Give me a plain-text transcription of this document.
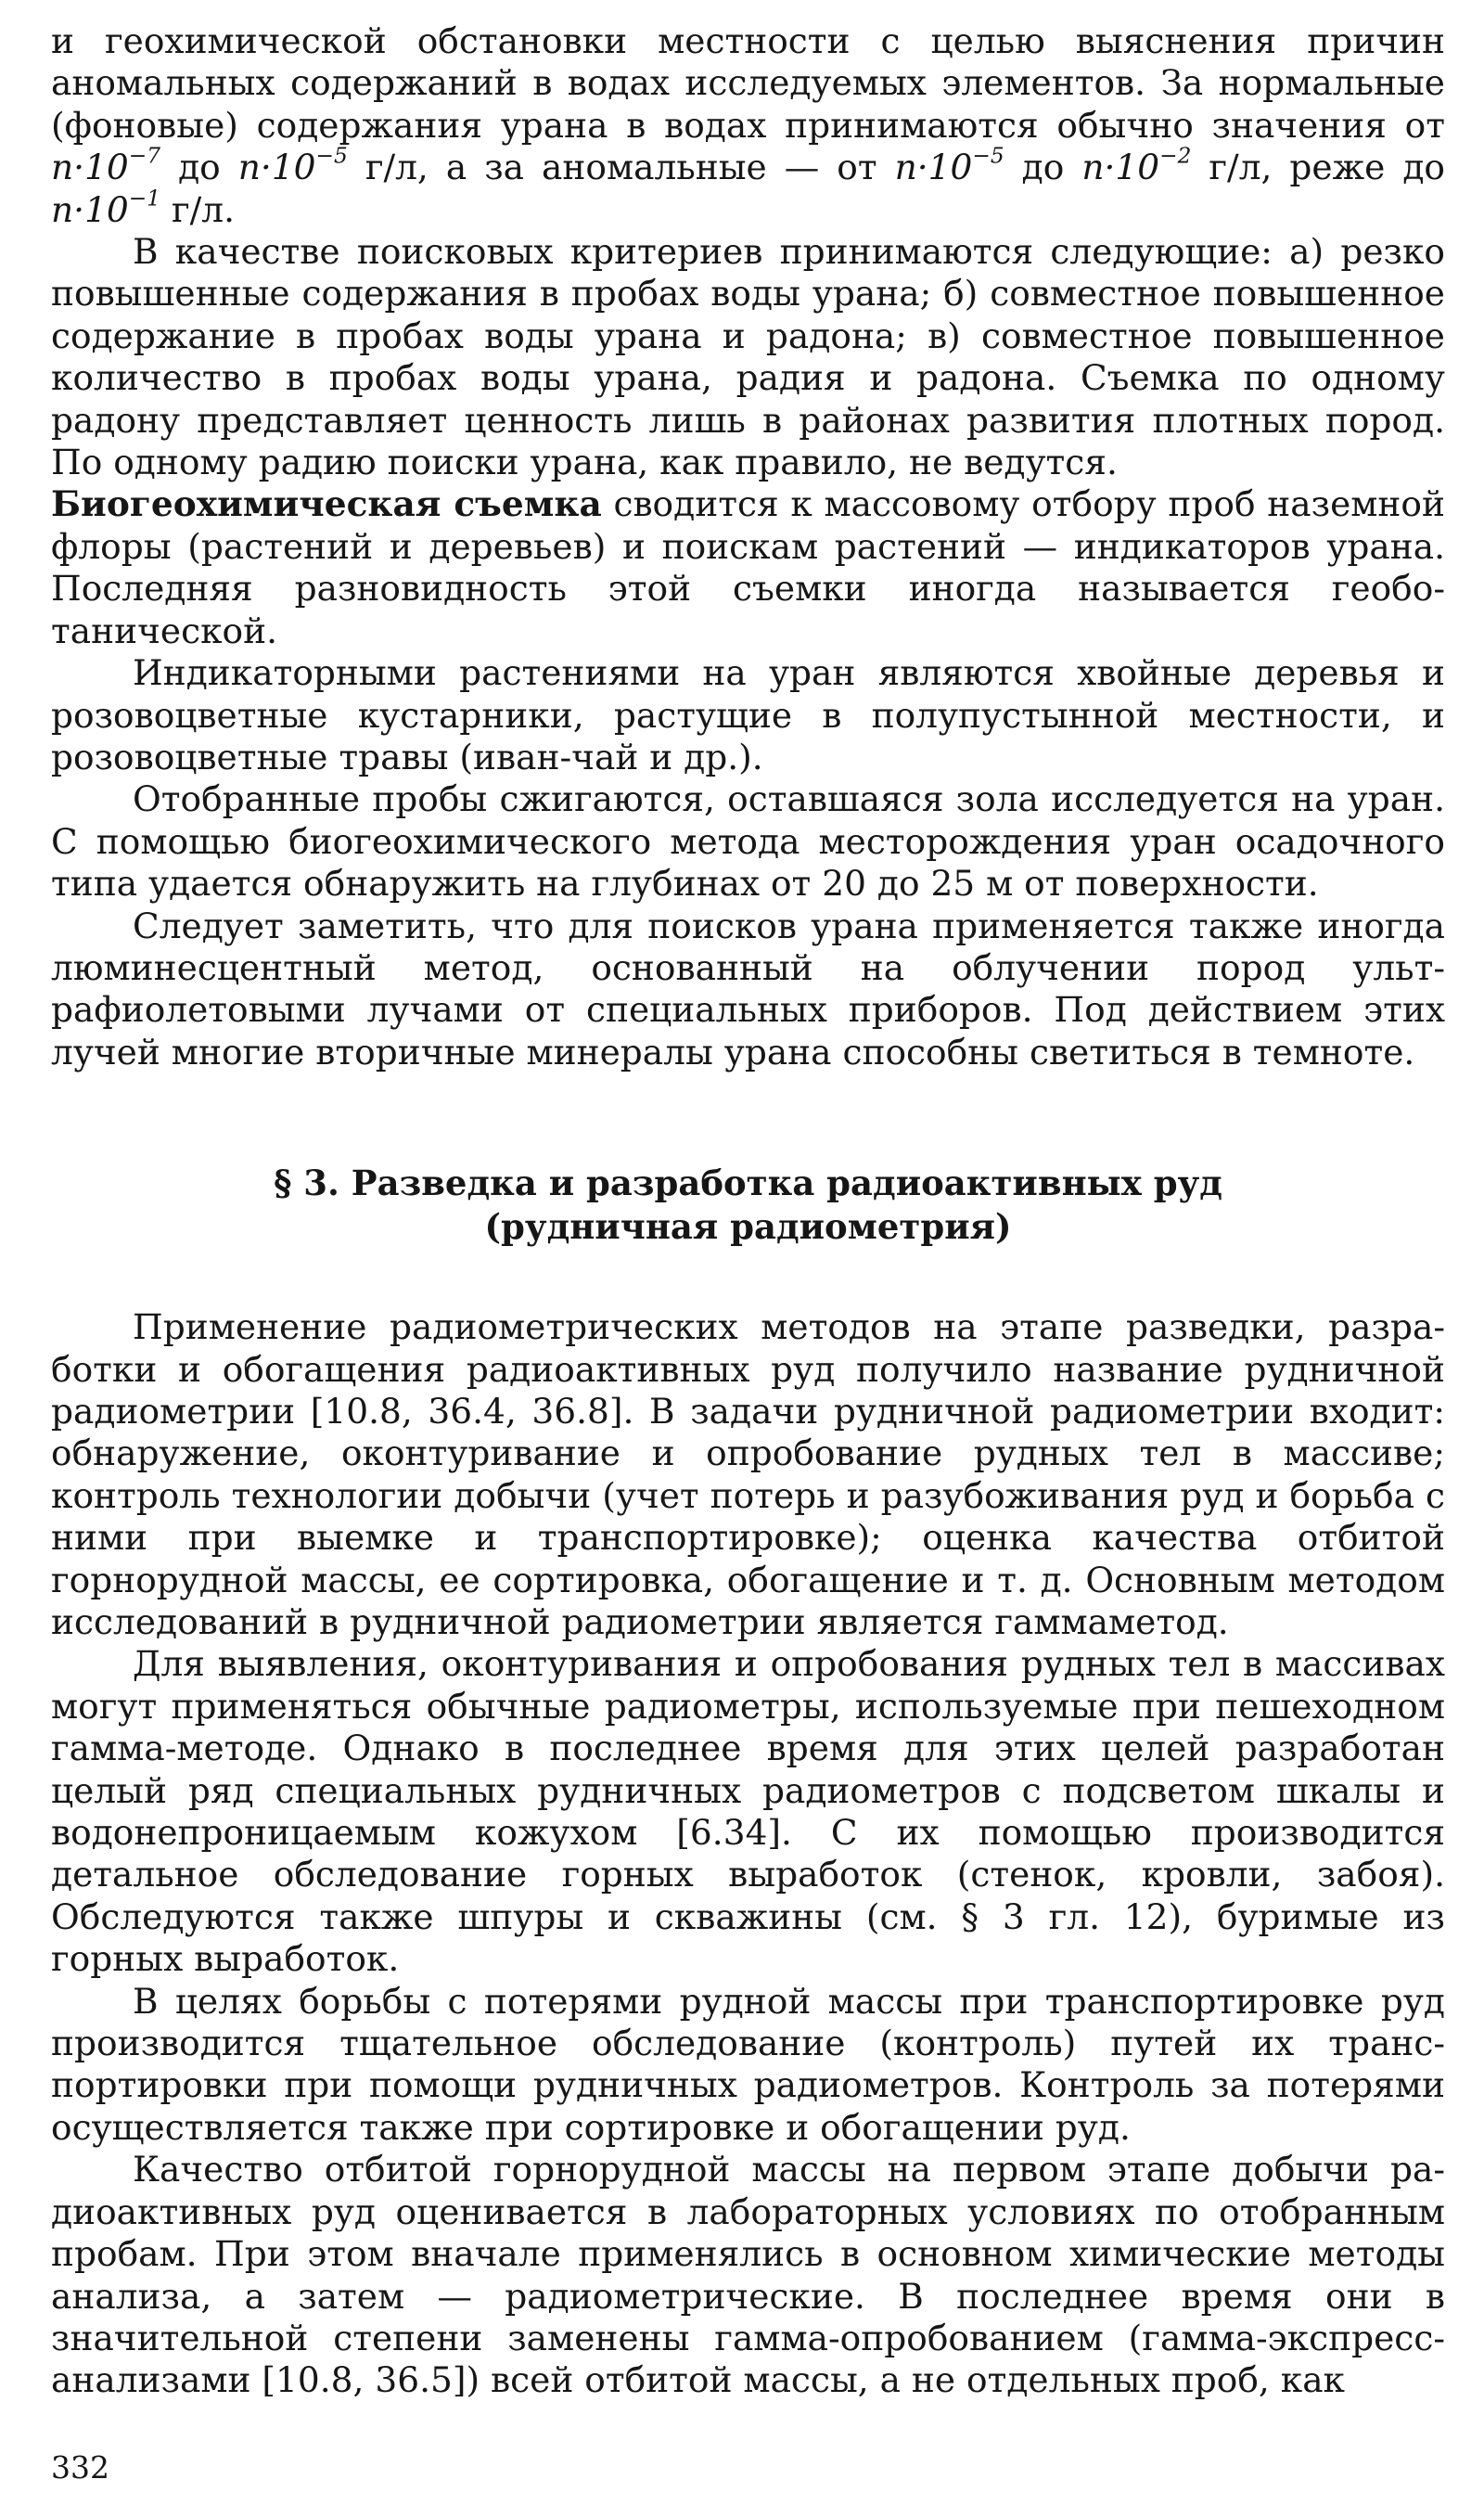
и геохимической обстановки местности с целью выяснения причин аномальных содержаний в водах исследуемых элементов. За нормальные (фоновые) содержания урана в водах принимаются обычно значения от $n\cdot 10^{-7}$ до $n\cdot 10^{-5}$ г/л, а за аномальные — от $n\cdot 10^{-5}$ до $n\cdot 10^{-2}$ г/л, реже до $n\cdot 10^{-1}$ г/л.

В качестве поисковых критериев принимаются следующие: а) резко повышенные содержания в пробах воды урана; б) совместное повышенное содержание в пробах воды урана и радона; в) совместное повышенное количество в пробах воды урана, радия и радона. Съемка по одному радону представляет ценность лишь в районах развития плотных пород. По одному радию поиски урана, как правило, не ведутся.

Биогеохимическая съемка сводится к массовому отбору проб наземной флоры (растений и деревьев) и поискам растений — индикаторов урана. Последняя разновидность этой съемки иногда называется геоботанической.

Индикаторными растениями на уран являются хвойные деревья и розовоцветные кустарники, растущие в полупустынной местности, и розовоцветные травы (иван-чай и др.).

Отобранные пробы сжигаются, оставшаяся зола исследуется на уран. С помощью биогеохимического метода месторождения уран осадочного типа удается обнаружить на глубинах от 20 до 25 м от поверхности.

Следует заметить, что для поисков урана применяется также иногда люминесцентный метод, основанный на облучении пород ультрафиолетовыми лучами от специальных приборов. Под действием этих лучей многие вторичные минералы урана способны светиться в темноте.

§ 3. Разведка и разработка радиоактивных руд
(рудничная радиометрия)

Применение радиометрических методов на этапе разведки, разработки и обогащения радиоактивных руд получило название рудничной радиометрии [10.8, 36.4, 36.8]. В задачи рудничной радиометрии входит: обнаружение, оконтуривание и опробование рудных тел в массиве; контроль технологии добычи (учет потерь и разубоживания руд и борьба с ними при выемке и транспортировке); оценка качества отбитой горнорудной массы, ее сортировка, обогащение и т. д. Основным методом исследований в рудничной радиометрии является гаммаметод.

Для выявления, оконтуривания и опробования рудных тел в массивах могут применяться обычные радиометры, используемые при пешеходном гамма-методе. Однако в последнее время для этих целей разработан целый ряд специальных рудничных радиометров с подсветом шкалы и водонепроницаемым кожухом [6.34]. С их помощью производится детальное обследование горных выработок (стенок, кровли, забоя). Обследуются также шпуры и скважины (см. § 3 гл. 12), буримые из горных выработок.

В целях борьбы с потерями рудной массы при транспортировке руд производится тщательное обследование (контроль) путей их транспортировки при помощи рудничных радиометров. Контроль за потерями осуществляется также при сортировке и обогащении руд.

Качество отбитой горнорудной массы на первом этапе добычи радиоактивных руд оценивается в лабораторных условиях по отобранным пробам. При этом вначале применялись в основном химические методы анализа, а затем — радиометрические. В последнее время они в значительной степени заменены гамма-опробованием (гамма-экспрессанализами [10.8, 36.5]) всей отбитой массы, а не отдельных проб, как

332
